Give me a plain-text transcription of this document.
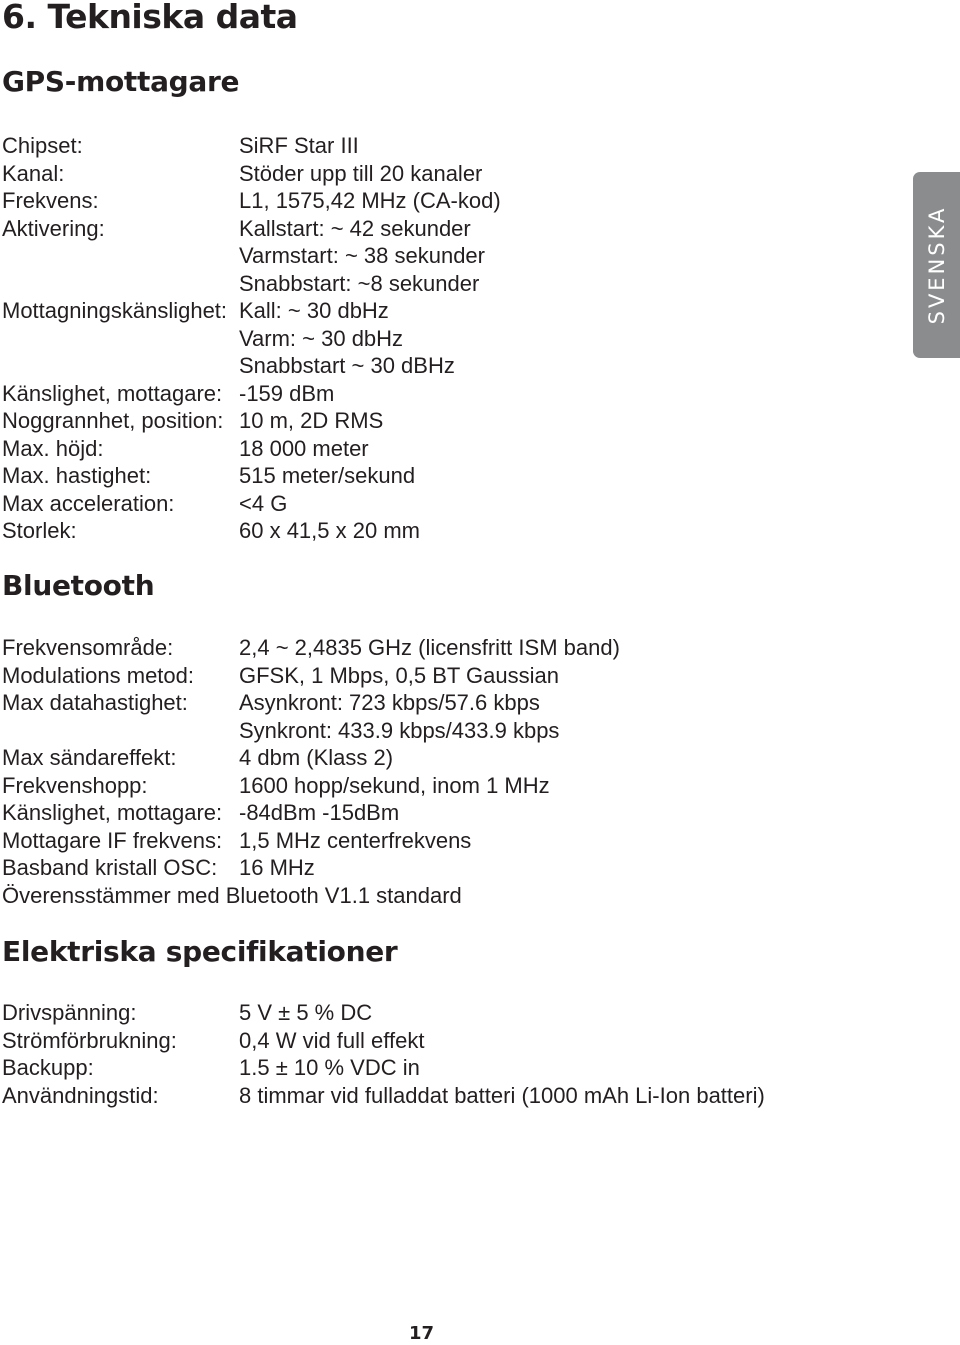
6. Tekniska data
SVENSKA
GPS-mottagare
Chipset:	SiRF Star III
Kanal:	Stöder upp till 20 kanaler
Frekvens:	L1, 1575,42 MHz (CA-kod)
Aktivering:	Kallstart: ~ 42 sekunder
Varmstart: ~ 38 sekunder
Snabbstart: ~8 sekunder
Mottagningskänslighet: Kall: ~ 30 dbHz
Varm: ~ 30 dbHz
Snabbstart ~ 30 dBHz
Känslighet, mottagare: -159 dBm
Noggrannhet, position: 10 m, 2D RMS
Max. höjd:	18 000 meter
Max. hastighet:	515 meter/sekund
Max acceleration:	<4 G
Storlek:	60 x 41,5 x 20 mm
Bluetooth
Frekvensområde:	2,4 ~ 2,4835 GHz (licensfritt ISM band)
Modulations metod: GFSK, 1 Mbps, 0,5 BT Gaussian
Max datahastighet: Asynkront: 723 kbps/57.6 kbps
Synkront: 433.9 kbps/433.9 kbps
Max sändareffekt:	4 dbm (Klass 2)
Frekvenshopp:	1600 hopp/sekund, inom 1 MHz
Känslighet, mottagare: -84dBm -15dBm
Mottagare IF frekvens: 1,5 MHz centerfrekvens
Basband kristall OSC: 16 MHz
Överensstämmer med Bluetooth V1.1 standard
Elektriska specifikationer
Drivspänning:	5 V ± 5 % DC
Strömförbrukning:	0,4 W vid full effekt
Backupp:	1.5 ± 10 % VDC in
Användningstid:	8 timmar vid fulladdat batteri (1000 mAh Li-Ion batteri)
17
